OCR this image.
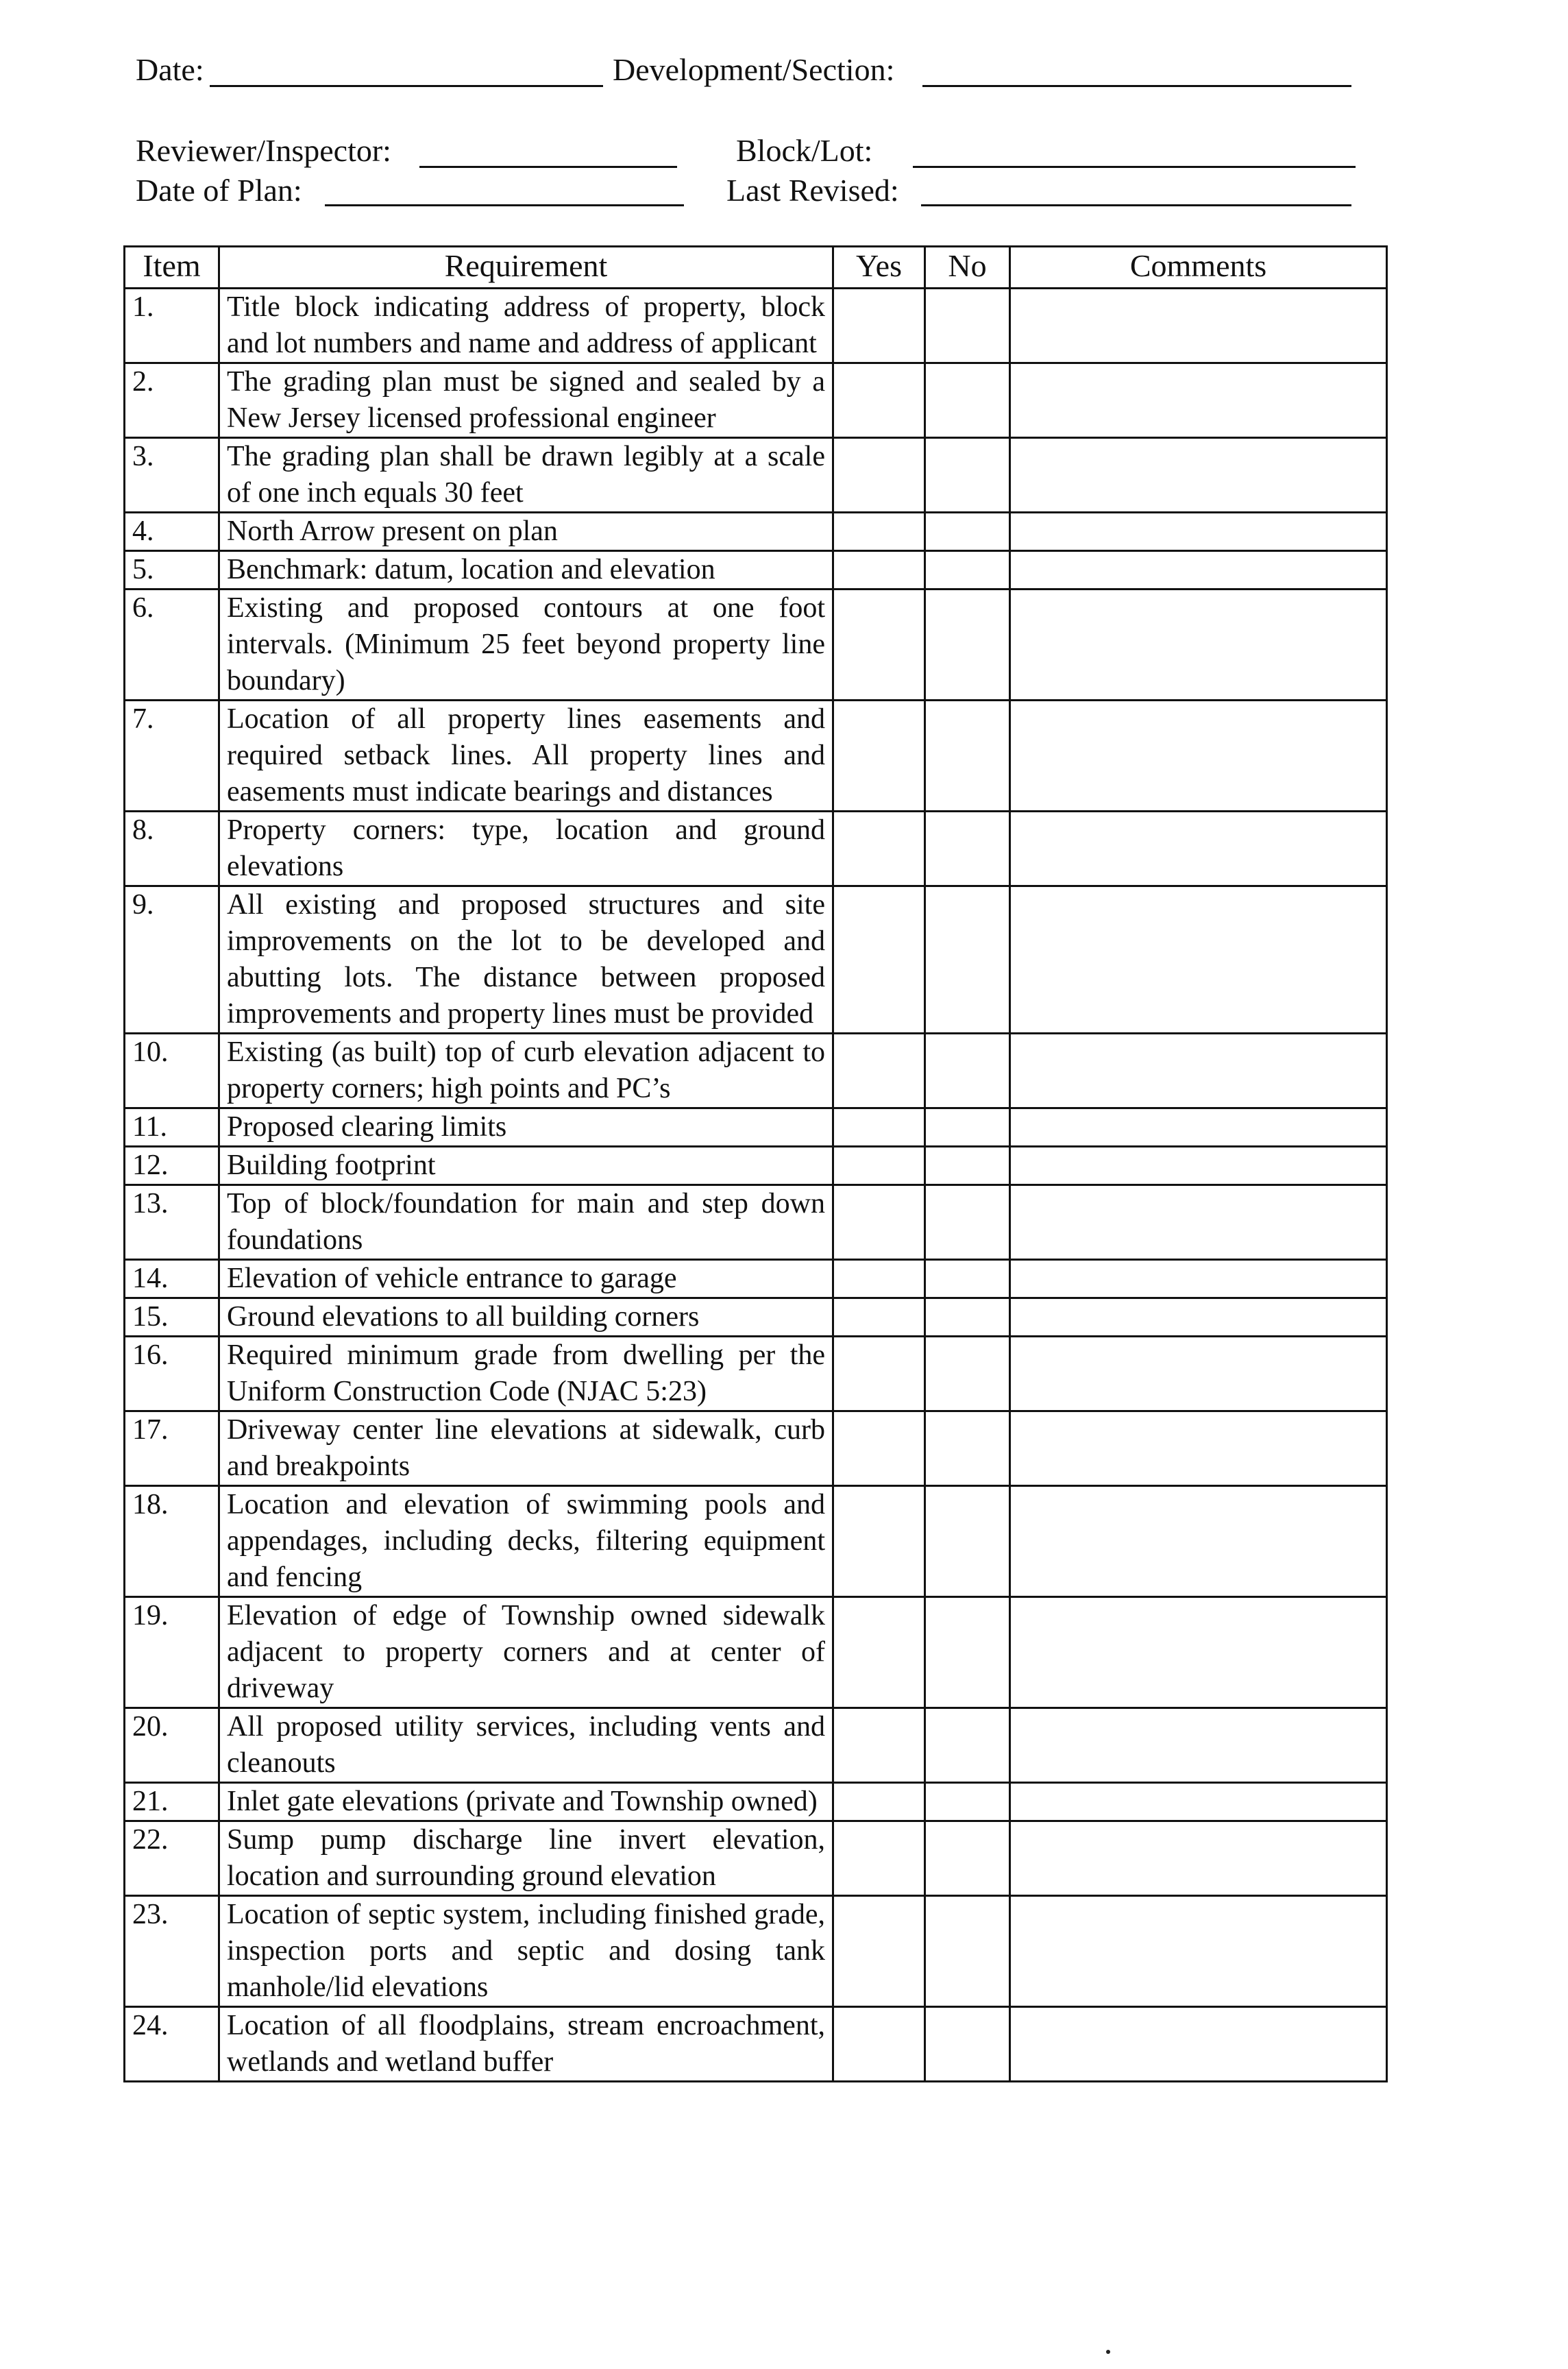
Date:	Development/Section:
Reviewer/Inspector:	Block/Lot:
Date of Plan:	Last Revised:
Item	Requirement	Yes	No	Comments
1.	Title block indicating address of property, block and lot numbers and name and address of applicant			
2.	The grading plan must be signed and sealed by a New Jersey licensed professional engineer			
3.	The grading plan shall be drawn legibly at a scale of one inch equals 30 feet			
4.	North Arrow present on plan			
5.	Benchmark: datum, location and elevation			
6.	Existing and proposed contours at one foot intervals. (Minimum 25 feet beyond property line boundary)			
7.	Location of all property lines easements and required setback lines. All property lines and easements must indicate bearings and distances			
8.	Property corners: type, location and ground elevations			
9.	All existing and proposed structures and site improvements on the lot to be developed and abutting lots. The distance between proposed improvements and property lines must be provided			
10.	Existing (as built) top of curb elevation adjacent to property corners; high points and PC’s			
11.	Proposed clearing limits			
12.	Building footprint			
13.	Top of block/foundation for main and step down foundations			
14.	Elevation of vehicle entrance to garage			
15.	Ground elevations to all building corners			
16.	Required minimum grade from dwelling per the Uniform Construction Code (NJAC 5:23)			
17.	Driveway center line elevations at sidewalk, curb and breakpoints			
18.	Location and elevation of swimming pools and appendages, including decks, filtering equipment and fencing			
19.	Elevation of edge of Township owned sidewalk adjacent to property corners and at center of driveway			
20.	All proposed utility services, including vents and cleanouts			
21.	Inlet gate elevations (private and Township owned)			
22.	Sump pump discharge line invert elevation, location and surrounding ground elevation			
23.	Location of septic system, including finished grade, inspection ports and septic and dosing tank manhole/lid elevations			
24.	Location of all floodplains, stream encroachment, wetlands and wetland buffer			
